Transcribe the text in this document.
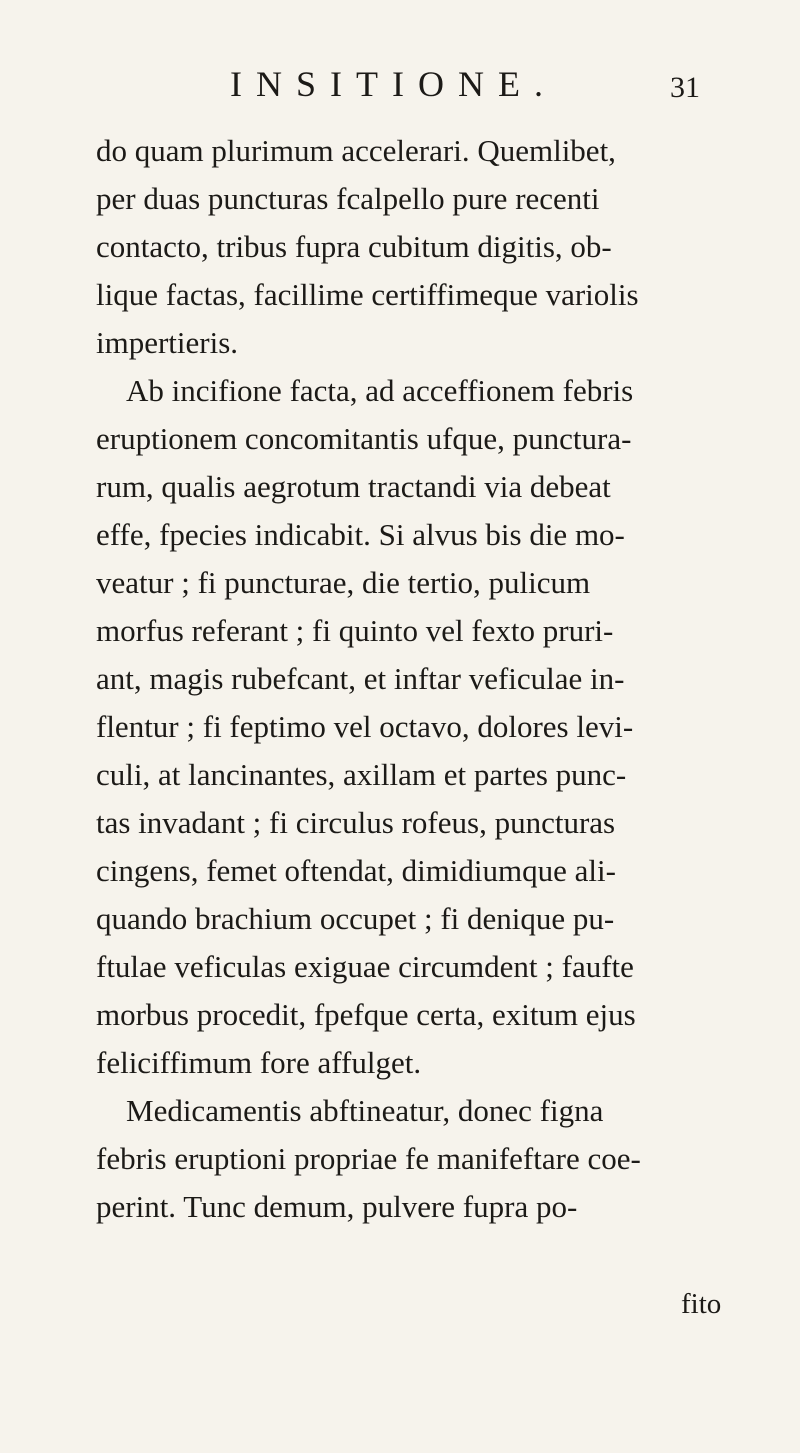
INSITIONE.	31
do quam plurimum accelerari. Quemlibet,
per duas puncturas fcalpello pure recenti
contacto, tribus fupra cubitum digitis, ob-
lique factas, facillime certiffimeque variolis
impertieris.
Ab incifione facta, ad acceffionem febris
eruptionem concomitantis ufque, punctura-
rum, qualis aegrotum tractandi via debeat
effe, fpecies indicabit. Si alvus bis die mo-
veatur ; fi puncturae, die tertio, pulicum
morfus referant ; fi quinto vel fexto pruri-
ant, magis rubefcant, et inftar veficulae in-
flentur ; fi feptimo vel octavo, dolores levi-
culi, at lancinantes, axillam et partes punc-
tas invadant ; fi circulus rofeus, puncturas
cingens, femet oftendat, dimidiumque ali-
quando brachium occupet ; fi denique pu-
ftulae veficulas exiguae circumdent ; faufte
morbus procedit, fpefque certa, exitum ejus
feliciffimum fore affulget.
Medicamentis abftineatur, donec figna
febris eruptioni propriae fe manifeftare coe-
perint. Tunc demum, pulvere fupra po-
fito
